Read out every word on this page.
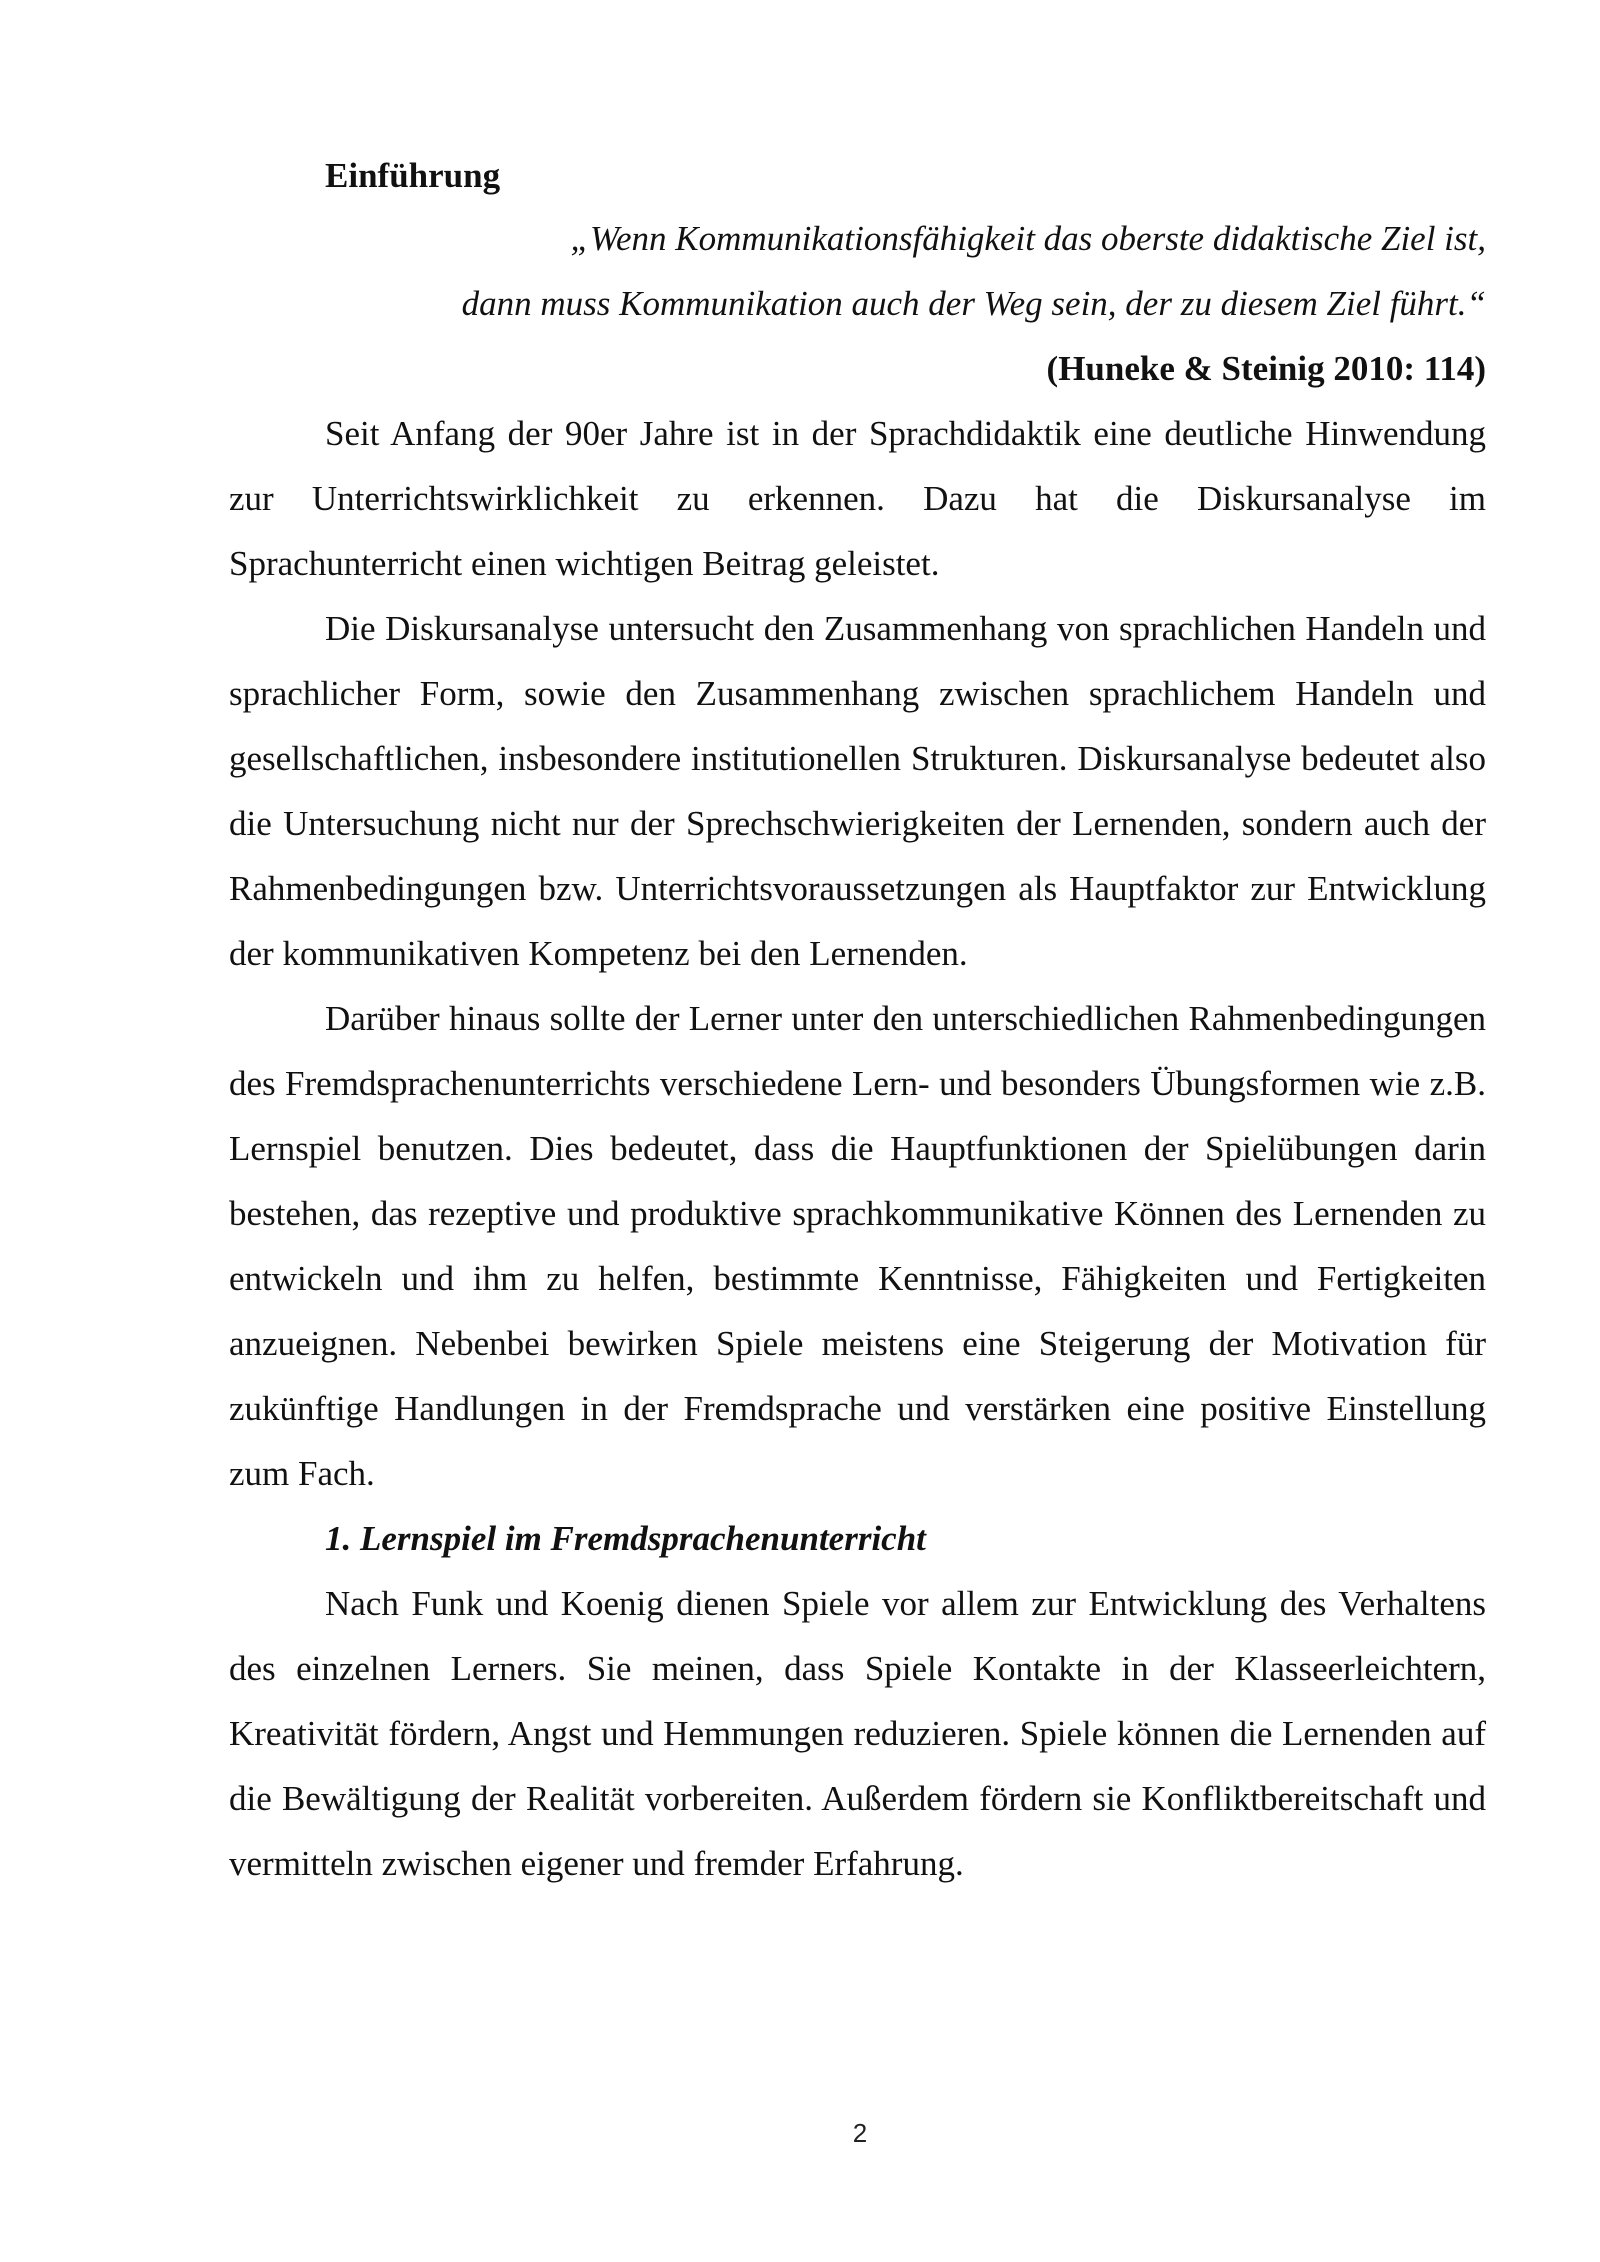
Einführung

„Wenn Kommunikationsfähigkeit das oberste didaktische Ziel ist,

dann muss Kommunikation auch der Weg sein, der zu diesem Ziel führt.“

(Huneke & Steinig 2010: 114)

Seit Anfang der 90er Jahre ist in der Sprachdidaktik eine deutliche Hinwendung zur Unterrichtswirklichkeit zu erkennen. Dazu hat die Diskursanalyse im Sprachunterricht einen wichtigen Beitrag geleistet.

Die Diskursanalyse untersucht den Zusammenhang von sprachlichen Handeln und sprachlicher Form, sowie den Zusammenhang zwischen sprachlichem Handeln und gesellschaftlichen, insbesondere institutionellen Strukturen. Diskursanalyse bedeutet also die Untersuchung nicht nur der Sprechschwierigkeiten der Lernenden, sondern auch der Rahmenbedingungen bzw. Unterrichtsvoraussetzungen als Hauptfaktor zur Entwicklung der kommunikativen Kompetenz bei den Lernenden.

Darüber hinaus sollte der Lerner unter den unterschiedlichen Rahmenbedingungen des Fremdsprachenunterrichts verschiedene Lern- und besonders Übungsformen wie z.B. Lernspiel benutzen. Dies bedeutet, dass die Hauptfunktionen der Spielübungen darin bestehen, das rezeptive und produktive sprachkommunikative Können des Lernenden zu entwickeln und ihm zu helfen, bestimmte Kenntnisse, Fähigkeiten und Fertigkeiten anzueignen. Nebenbei bewirken Spiele meistens eine Steigerung der Motivation für zukünftige Handlungen in der Fremdsprache und verstärken eine positive Einstellung zum Fach.

1. Lernspiel im Fremdsprachenunterricht

Nach Funk und Koenig dienen Spiele vor allem zur Entwicklung des Verhaltens des einzelnen Lerners. Sie meinen, dass Spiele Kontakte in der Klasseerleichtern, Kreativität fördern, Angst und Hemmungen reduzieren. Spiele können die Lernenden auf die Bewältigung der Realität vorbereiten. Außerdem fördern sie Konfliktbereitschaft und vermitteln zwischen eigener und fremder Erfahrung.

2
